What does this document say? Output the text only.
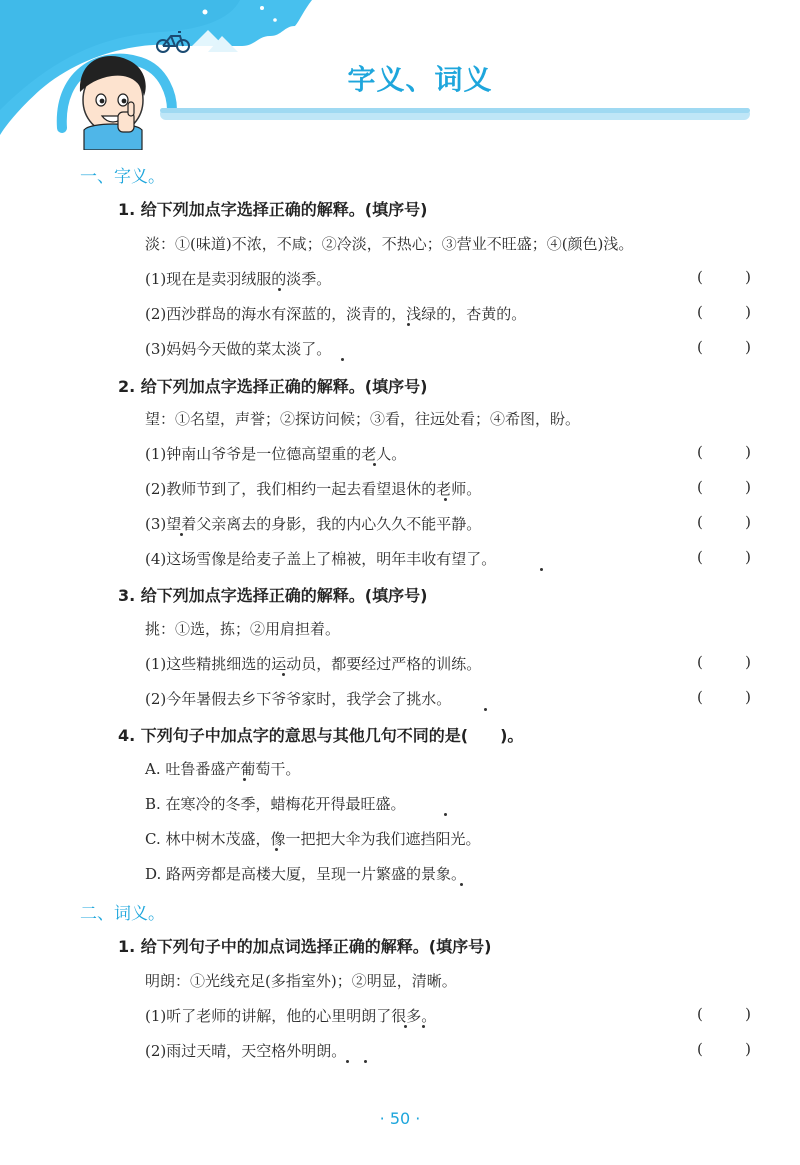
字义、词义
一、字义。
1. 给下列加点字选择正确的解释。(填序号)
淡：①(味道)不浓，不咸；②冷淡，不热心；③营业不旺盛；④(颜色)浅。
(1)现在是卖羽绒服的淡季。	(	)
(2)西沙群岛的海水有深蓝的，淡青的，浅绿的，杏黄的。	(	)
(3)妈妈今天做的菜太淡了。	(	)
2. 给下列加点字选择正确的解释。(填序号)
望：①名望，声誉；②探访问候；③看，往远处看；④希图，盼。
(1)钟南山爷爷是一位德高望重的老人。	(	)
(2)教师节到了，我们相约一起去看望退休的老师。	(	)
(3)望着父亲离去的身影，我的内心久久不能平静。	(	)
(4)这场雪像是给麦子盖上了棉被，明年丰收有望了。	(	)
3. 给下列加点字选择正确的解释。(填序号)
挑：①选，拣；②用肩担着。
(1)这些精挑细选的运动员，都要经过严格的训练。	(	)
(2)今年暑假去乡下爷爷家时，我学会了挑水。	(	)
4. 下列句子中加点字的意思与其他几句不同的是(　　)。
A. 吐鲁番盛产葡萄干。
B. 在寒冷的冬季，蜡梅花开得最旺盛。
C. 林中树木茂盛，像一把把大伞为我们遮挡阳光。
D. 路两旁都是高楼大厦，呈现一片繁盛的景象。
二、词义。
1. 给下列句子中的加点词选择正确的解释。(填序号)
明朗：①光线充足(多指室外)；②明显，清晰。
(1)听了老师的讲解，他的心里明朗了很多。	(	)
(2)雨过天晴，天空格外明朗。	(	)
· 50 ·
